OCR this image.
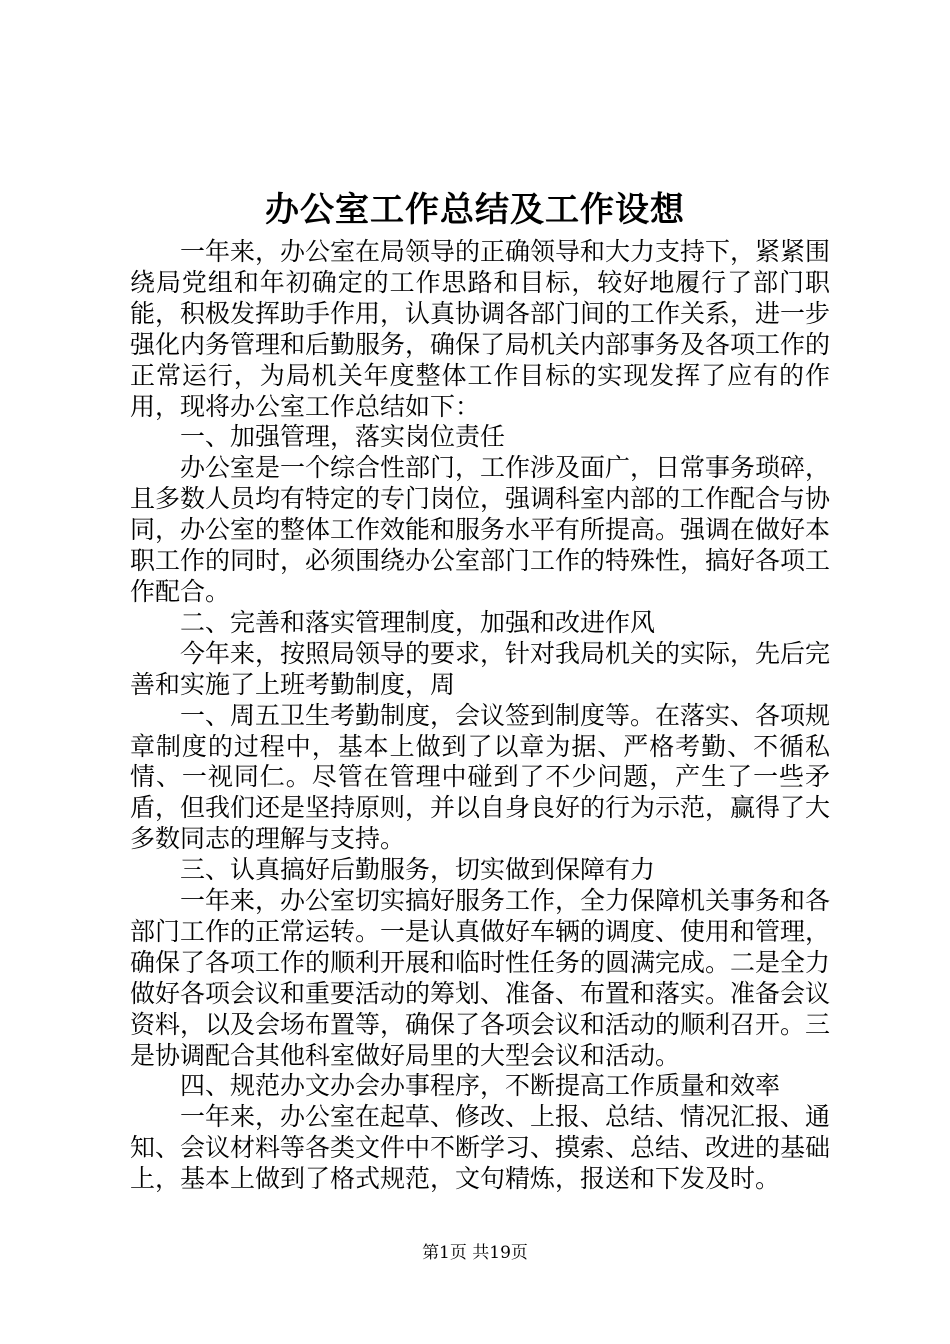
办公室工作总结及工作设想

一年来，办公室在局领导的正确领导和大力支持下，紧紧围绕局党组和年初确定的工作思路和目标，较好地履行了部门职能，积极发挥助手作用，认真协调各部门间的工作关系，进一步强化内务管理和后勤服务，确保了局机关内部事务及各项工作的正常运行，为局机关年度整体工作目标的实现发挥了应有的作用，现将办公室工作总结如下：

一、加强管理，落实岗位责任

办公室是一个综合性部门，工作涉及面广，日常事务琐碎，且多数人员均有特定的专门岗位，强调科室内部的工作配合与协同，办公室的整体工作效能和服务水平有所提高。强调在做好本职工作的同时，必须围绕办公室部门工作的特殊性，搞好各项工作配合。

二、完善和落实管理制度，加强和改进作风

今年来，按照局领导的要求，针对我局机关的实际，先后完善和实施了上班考勤制度，周

一、周五卫生考勤制度，会议签到制度等。在落实、各项规章制度的过程中，基本上做到了以章为据、严格考勤、不循私情、一视同仁。尽管在管理中碰到了不少问题，产生了一些矛盾，但我们还是坚持原则，并以自身良好的行为示范，赢得了大多数同志的理解与支持。

三、认真搞好后勤服务，切实做到保障有力

一年来，办公室切实搞好服务工作，全力保障机关事务和各部门工作的正常运转。一是认真做好车辆的调度、使用和管理，确保了各项工作的顺利开展和临时性任务的圆满完成。二是全力做好各项会议和重要活动的筹划、准备、布置和落实。准备会议资料，以及会场布置等，确保了各项会议和活动的顺利召开。三是协调配合其他科室做好局里的大型会议和活动。

四、规范办文办会办事程序，不断提高工作质量和效率

一年来，办公室在起草、修改、上报、总结、情况汇报、通知、会议材料等各类文件中不断学习、摸索、总结、改进的基础上，基本上做到了格式规范，文句精炼，报送和下发及时。

第1页 共19页
